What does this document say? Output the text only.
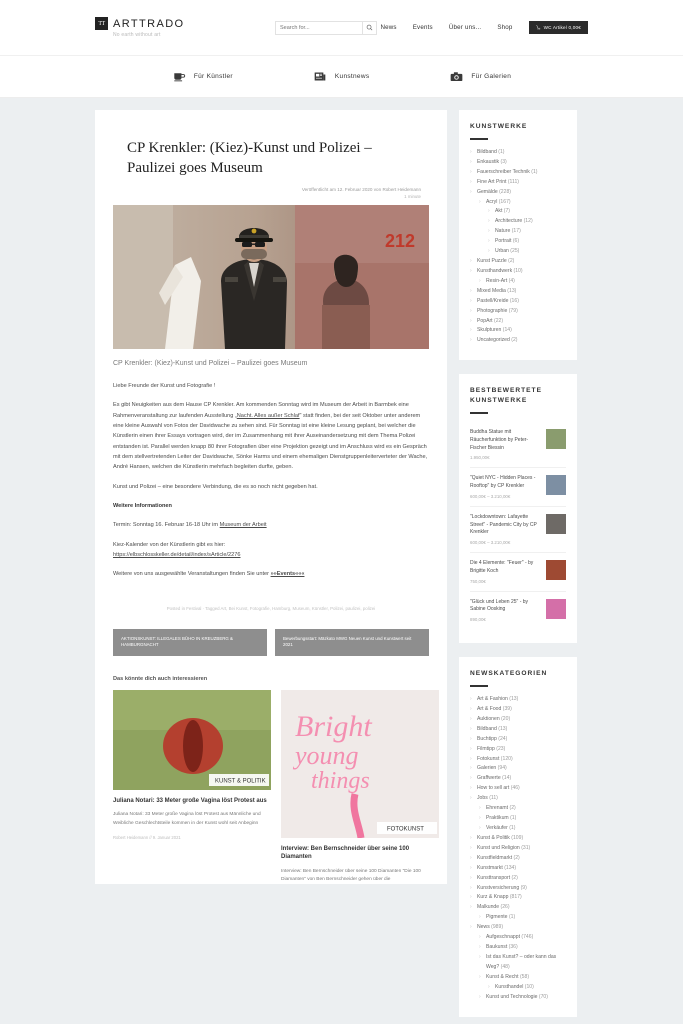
TT ARTTRADO
No earth without art
Search for...
News	Events	Über uns...	Shop	WC Artikel 0,00€
Für Künstler	Kunstnews	Für Galerien
CP Krenkler: (Kiez)-Kunst und Polizei – Paulizei goes Museum
Veröffentlicht am 12. Februar 2020 von Robert Heidemann
1 minute
212
CP Krenkler: (Kiez)-Kunst und Polizei – Paulizei goes Museum

Liebe Freunde der Kunst und Fotografie !

Es gibt Neuigkeiten aus dem Hause CP Krenkler. Am kommenden Sonntag wird im Museum der Arbeit in Barmbek eine Rahmenveranstaltung zur laufenden Ausstellung „Nacht. Alles außer Schlaf“ statt finden, bei der seit Oktober unter anderem eine kleine Auswahl von Fotos der Davidwache zu sehen sind. Für Sonntag ist eine kleine Lesung geplant, bei welcher die Künstlerin einen ihrer Essays vortragen wird, der im Zusammenhang mit ihrer Auseinandersetzung mit dem Thema Polizei entstanden ist. Parallel werden knapp 80 ihrer Fotografien über eine Projektion gezeigt und im Anschluss wird es ein Gespräch mit dem stellvertretenden Leiter der Davidwache, Sönke Harms und einem ehemaligen Dienstgruppenleiterverteter der Wache, André Hansen, welchen die Künstlerin mehrfach begleiten durfte, geben.

Kunst und Polizei – eine besondere Verbindung, die es so noch nicht gegeben hat.

Weitere Informationen

Termin: Sonntag 16. Februar 16-18 Uhr im Museum der Arbeit

Kiez-Kalender von der Künstlerin gibt es hier:
https://elbschlosskeller.de/detail/index/sArticle/2276

Weitere von uns ausgewählte Veranstaltungen finden Sie unter »»Events«««

Posted in Festival · Tagged Art, Bei Kunst, Fotografie, Hamburg, Museum, Künstler, Polizei, paulizei, polizei
AKTIONSKUNST: ILLEGALES BÜHO IN KREUZBERG & HAMBURGNACHT
Bewerbungsstart: Mäzkato MWG Neuen Kunst und Kunstwert seit 2021
Das könnte dich auch interessieren
KUNST & POLITIK
Juliana Notari: 33 Meter große Vagina löst Protest aus
Juliana Notari: 33 Meter große Vagina löst Protest aus Männliche und Weibliche Geschlechtsteile kommen in der Kunst wohl seit Anbeginn
Robert Heidemann // 9. Januar 2021
Bright
young
things
FOTOKUNST
Interview: Ben Bernschneider über seine 100 Diamanten
Interview: Ben Bernschneider über seine 100 Diamanten "Die 100 Diamanten" von Ben Bernschneider gehen über die
KUNSTWERKE
› Bildband (1)
› Enkaustik (3)
› Fauerschreiber Technik (1)
› Fine Art Print (111)
› Gemälde (228)
› Acryl (167)
› Akt (7)
› Architecture (12)
› Nature (17)
› Portrait (6)
› Urban (25)
› Kunst Puzzle (2)
› Kunsthandwerk (10)
› Resin-Art (4)
› Mixed Media (13)
› Pastell/Kreide (16)
› Photographie (79)
› PopArt (22)
› Skulpturen (14)
› Uncategorized (2)
BESTBEWERTETE KUNSTWERKE
Buddha Statue mit Räucherfunktion by Peter-Fischer Biessin
1.950,00€
"Quiet NYC - Hidden Places - Rooftop" by CP Krenkler
600,00€ – 3.210,00€
"Lockdowntown: Lafayette Street" - Pandemic City by CP Krenkler
600,00€ – 3.210,00€
Die 4 Elemente: "Feuer" - by Brigitte Koch
750,00€
"Glück und Leben 25" - by Sabine Oosking
890,00€
NEWSKATEGORIEN
› Art & Fashion (13)
› Art & Food (39)
› Auktionen (20)
› Bildband (13)
› Buchtipp (24)
› Filmtipp (23)
› Fotokunst (120)
› Galerien (94)
› Graffwerte (14)
› How to sell art (46)
› Jobs (11)
› Ehrenamt (2)
› Praktikum (1)
› Verkäufer (1)
› Kunst & Politik (109)
› Kunst und Religion (31)
› Kunstfieldmarkt (2)
› Kunstmarkt (134)
› Kunsttransport (2)
› Kunstversicherung (9)
› Kurz & Knapp (817)
› Malkunde (26)
› Pigmente (1)
› News (989)
› Aufgeschnappt (746)
› Baukunst (36)
› Ist das Kunst? – oder kann das Weg? (48)
› Kunst & Recht (58)
› Kunsthandel (10)
› Kunst und Technologie (70)
